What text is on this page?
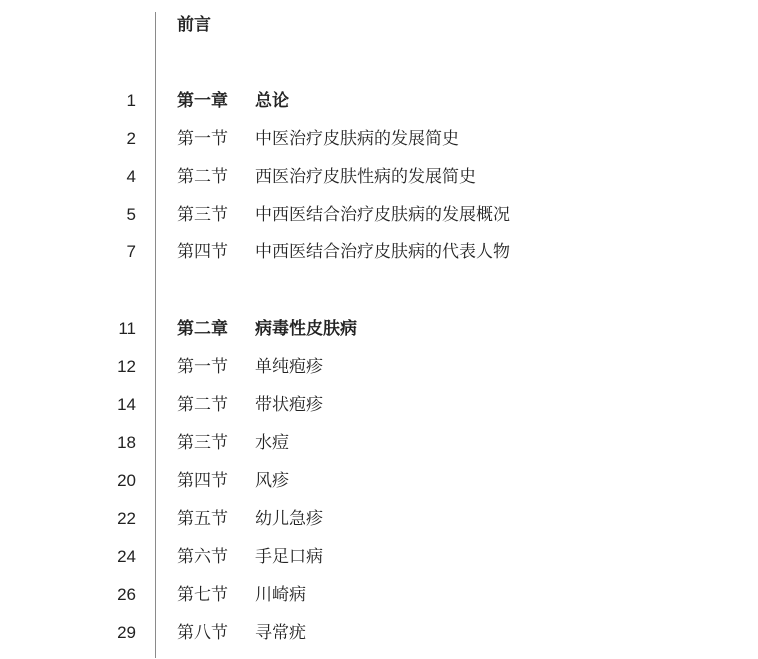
前言
1 第一章 总论
2 第一节 中医治疗皮肤病的发展简史
4 第二节 西医治疗皮肤性病的发展简史
5 第三节 中西医结合治疗皮肤病的发展概况
7 第四节 中西医结合治疗皮肤病的代表人物
11 第二章 病毒性皮肤病
12 第一节 单纯疱疹
14 第二节 带状疱疹
18 第三节 水痘
20 第四节 风疹
22 第五节 幼儿急疹
24 第六节 手足口病
26 第七节 川崎病
29 第八节 寻常疣
